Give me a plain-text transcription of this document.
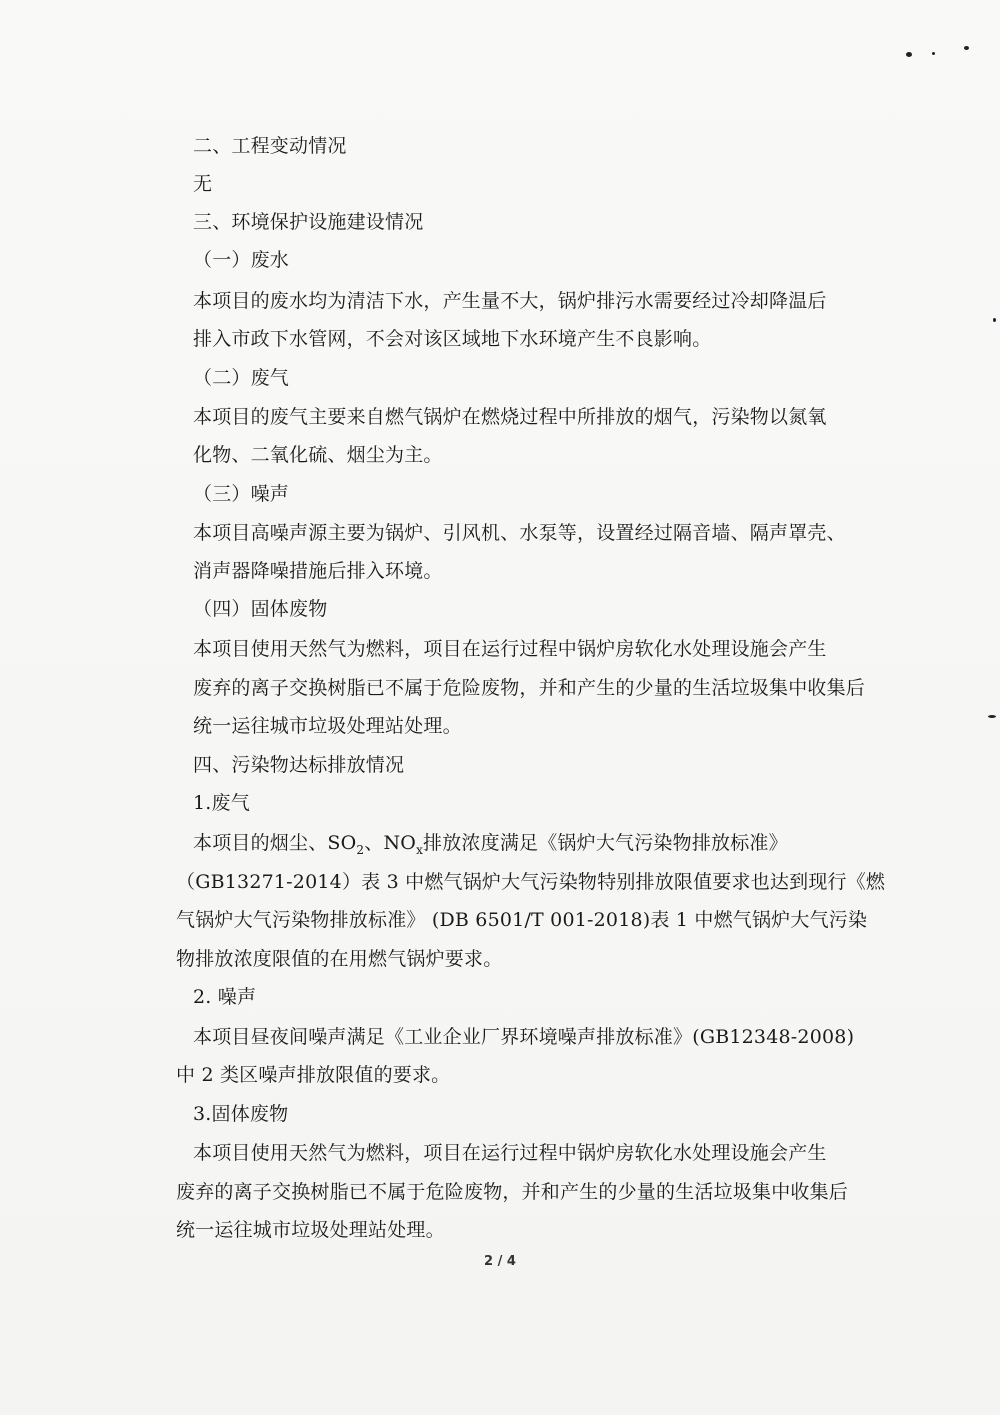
二、工程变动情况
无
三、环境保护设施建设情况
（一）废水
本项目的废水均为清洁下水，产生量不大，锅炉排污水需要经过冷却降温后
排入市政下水管网，不会对该区域地下水环境产生不良影响。
（二）废气
本项目的废气主要来自燃气锅炉在燃烧过程中所排放的烟气，污染物以氮氧
化物、二氧化硫、烟尘为主。
（三）噪声
本项目高噪声源主要为锅炉、引风机、水泵等，设置经过隔音墙、隔声罩壳、
消声器降噪措施后排入环境。
（四）固体废物
本项目使用天然气为燃料，项目在运行过程中锅炉房软化水处理设施会产生
废弃的离子交换树脂已不属于危险废物，并和产生的少量的生活垃圾集中收集后
统一运往城市垃圾处理站处理。
四、污染物达标排放情况
1.废气
本项目的烟尘、$SO_2$、$NO_x$排放浓度满足《锅炉大气污染物排放标准》
（GB13271-2014）表 3 中燃气锅炉大气污染物特别排放限值要求也达到现行《燃
气锅炉大气污染物排放标准》 (DB 6501/T 001-2018)表 1 中燃气锅炉大气污染
物排放浓度限值的在用燃气锅炉要求。
2. 噪声
本项目昼夜间噪声满足《工业企业厂界环境噪声排放标准》(GB12348-2008)
中 2 类区噪声排放限值的要求。
3.固体废物
本项目使用天然气为燃料，项目在运行过程中锅炉房软化水处理设施会产生
废弃的离子交换树脂已不属于危险废物，并和产生的少量的生活垃圾集中收集后
统一运往城市垃圾处理站处理。
2 / 4
